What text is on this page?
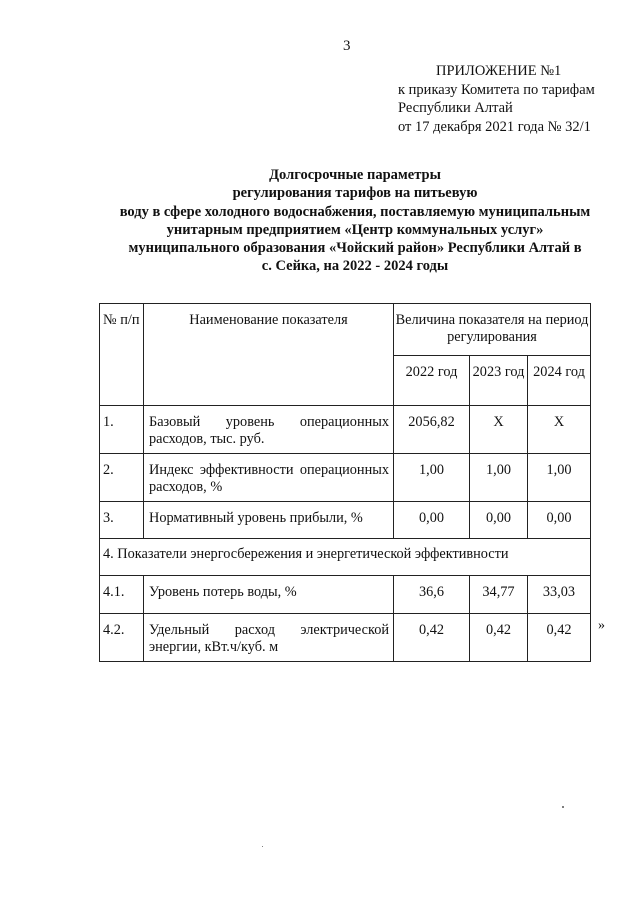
3
ПРИЛОЖЕНИЕ №1
к приказу Комитета по тарифам
Республики Алтай
от 17 декабря 2021 года № 32/1
Долгосрочные параметры
регулирования тарифов на питьевую
воду в сфере холодного водоснабжения, поставляемую муниципальным
унитарным предприятием «Центр коммунальных услуг»
муниципального образования «Чойский район» Республики Алтай в
с. Сейка, на 2022 - 2024 годы
№ п/п	Наименование показателя	Величина показателя на период регулирования		
		2022 год	2023 год	2024 год
1.	Базовый уровень операционных расходов, тыс. руб.	2056,82	Х	Х
2.	Индекс эффективности операционных расходов, %	1,00	1,00	1,00
3.	Нормативный уровень прибыли, %	0,00	0,00	0,00
4. Показатели энергосбережения и энергетической эффективности				
4.1.	Уровень потерь воды, %	36,6	34,77	33,03
4.2.	Удельный расход электрической энергии, кВт.ч/куб. м	0,42	0,42	0,42 »
